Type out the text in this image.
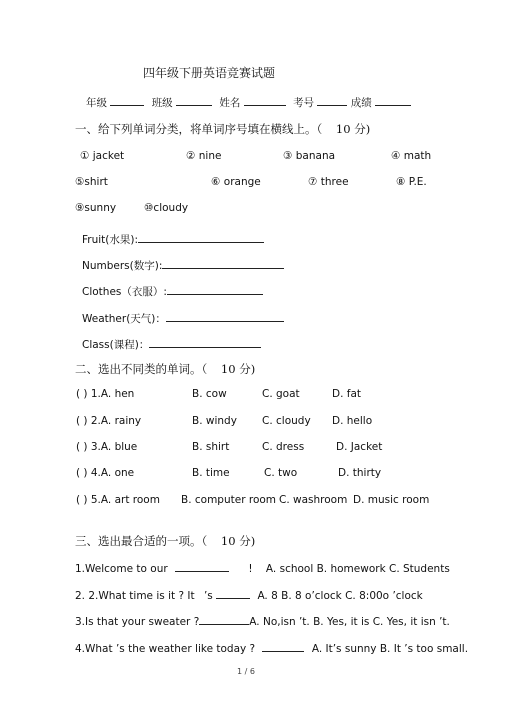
四年级下册英语竞赛试题
年级	班级	姓名	考号	成绩
一、给下列单词分类，将单词序号填在横线上。（ 10 分)
① jacket	② nine	③ banana	④ math
⑤shirt	⑥ orange	⑦ three	⑧ P.E.
⑨sunny	⑩cloudy
Fruit(水果):
Numbers(数字):
Clothes（衣服）:
Weather(天气)：
Class(课程)：
二、选出不同类的单词。（ 10 分)
( ) 1.A. hen	B. cow	C. goat	D. fat
( ) 2.A. rainy	B. windy C. cloudy D. hello
( ) 3.A. blue	B. shirt	C. dress	D. Jacket
( ) 4.A. one	B. time	C. two	D. thirty
( ) 5.A. art room B. computer room C. washroom D. music room
三、选出最合适的一项。（ 10 分)
1.Welcome to our	! A. school B. homework C. Students
2. 2.What time is it ? It ’s	A. 8 B. 8 o’clock C. 8:00o ’clock
3.Is that your sweater ?	A. No,isn ’t. B. Yes, it is C. Yes, it isn ’t.
4.What ’s the weather like today ?	A. It’s sunny B. It ’s too small.
1 / 6
